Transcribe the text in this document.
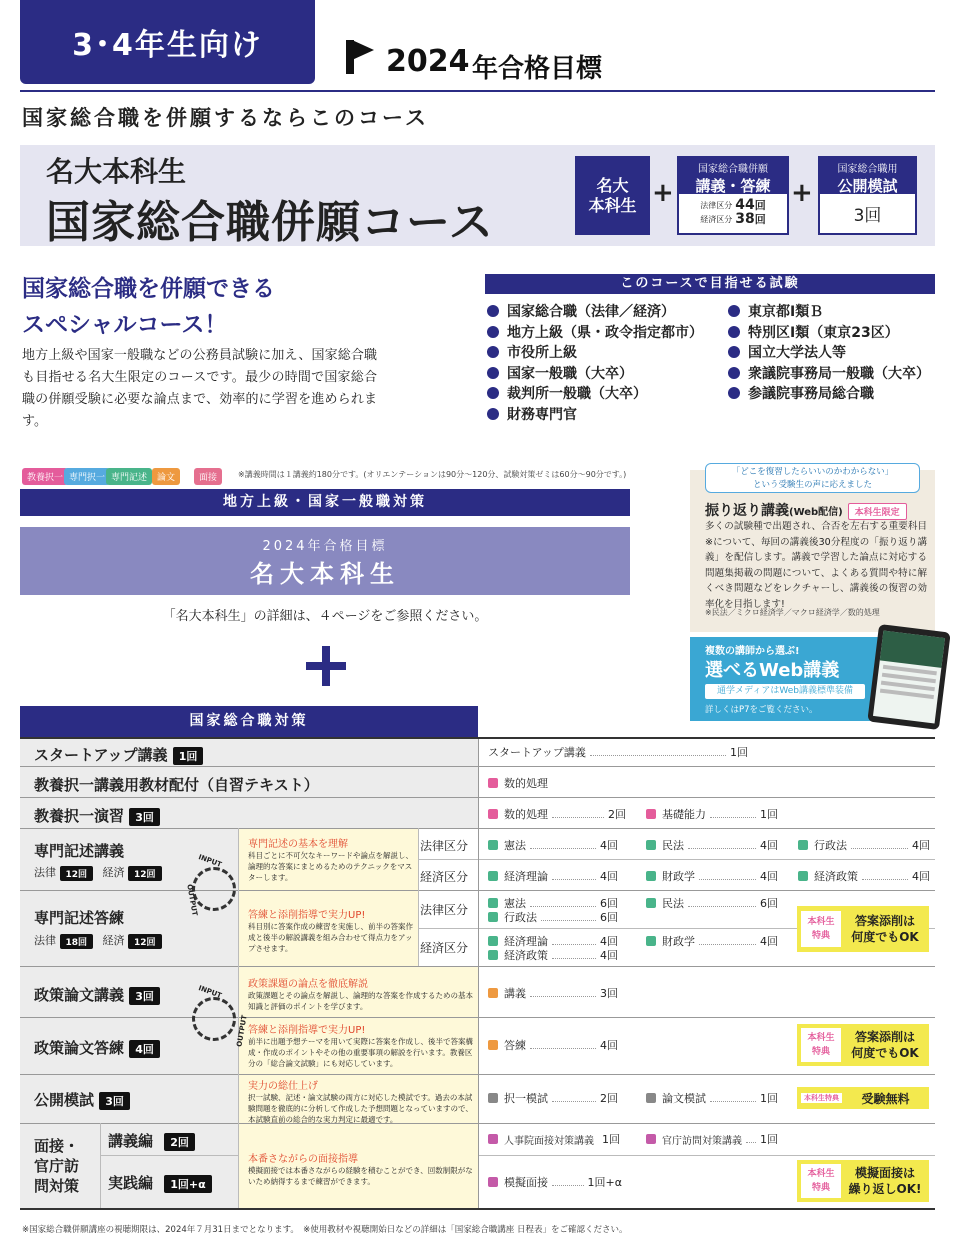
3･4年生向け	2024 年合格目標
国家総合職を併願するならこのコース
名大本科生
国家総合職併願コース
名大
本科生 +
国家総合職併願
講義・答練
法律区分 44 回
経済区分 38 回
+
国家総合職用
公開模試
3回
国家総合職を併願できる
スペシャルコース！
地方上級や国家一般職などの公務員試験に加え、国家総合職も目指せる名大生限定のコースです。最少の時間で国家総合職の併願受験に必要な論点まで、効率的に学習を進められます。
このコースで目指せる試験
国家総合職（法律／経済）
地方上級（県・政令指定都市）
市役所上級
国家一般職（大卒）
裁判所一般職（大卒）
財務専門官
東京都Ⅰ類Ｂ
特別区Ⅰ類（東京23区）
国立大学法人等
衆議院事務局一般職（大卒）
参議院事務局総合職
教養択一 専門択一 専門記述	論文	面接	※講義時間は１講義約180分です。(オリエンテーションは90分～120分、試験対策ゼミは60分～90分です。)
地方上級・国家一般職対策
2024年合格目標
名大本科生
「名大本科生」の詳細は、４ページをご参照ください。
「どこを復習したらいいのかわからない」
という受験生の声に応えました
振り返り講義(Web配信) 本科生限定
多くの試験種で出題され、合否を左右する重要科目※について、毎回の講義後30分程度の「振り返り講義」を配信します。講義で学習した論点に対応する問題集掲載の問題について、よくある質問や特に解くべき問題などをレクチャーし、講義後の復習の効率化を目指します!
※民法／ミクロ経済学／マクロ経済学／数的処理
複数の講師から選ぶ!
選べるWeb講義
通学メディアはWeb講義標準装備
詳しくはP7をご覧ください。
国家総合職対策
スタートアップ講義 1回	スタートアップ講義	1回
教養択一講義用教材配付（自習テキスト）	数的処理
教養択一演習 3回	数的処理	2回	基礎能力	1回
専門記述講義
法律 12回 経済 12回
専門記述の基本を理解
科目ごとに不可欠なキーワードや論点を解説し、論理的な答案にまとめるためのテクニックをマスターします。
専門記述答練
法律 18回 経済 12回
答練と添削指導で実力UP!
科目別に答案作成の練習を実施し、前半の答案作成と後半の解説講義を組み合わせて得点力をアップさせます。
INPUT
OUTPUT
法律区分
経済区分
法律区分
経済区分
憲法	4回	民法	4回	行政法	4回
経済理論	4回	財政学	4回	経済政策	4回
憲法	6回
行政法	6回
民法	6回
経済理論	4回
経済政策	4回
財政学	4回
本科生
特典
答案添削は
何度でもOK
政策論文講義 3回
政策課題の論点を徹底解説
政策課題とその論点を解説し、論理的な答案を作成するための基本知識と評価のポイントを学びます。
講義	3回
INPUT
OUTPUT
政策論文答練 4回
答練と添削指導で実力UP!
前半に出題予想テーマを用いて実際に答案を作成し、後半で答案構成・作成のポイントやその他の重要事項の解説を行います。教養区分の「総合論文試験」にも対応しています。
答練	4回
本科生
特典
答案添削は
何度でもOK
公開模試 3回
実力の総仕上げ
択一試験、記述・論文試験の両方に対応した模試です。過去の本試験問題を徹底的に分析して作成した予想問題となっていますので、本試験直前の総合的な実力判定に最適です。
択一模試	2回	論文模試	1回	本科生特典	受験無料
面接・
官庁訪
問対策
講義編 2回
実践編 1回+α
本番さながらの面接指導
模擬面接では本番さながらの経験を積むことができ、回数制限がないため納得するまで練習ができます。
人事院面接対策講義 1回	官庁訪問対策講義 1回
模擬面接	1回+α
本科生
特典
模擬面接は
繰り返しOK!
※国家総合職併願講座の視聴期限は、2024年７月31日までとなります。　※使用教材や視聴開始日などの詳細は「国家総合職講座 日程表」をご確認ください。
